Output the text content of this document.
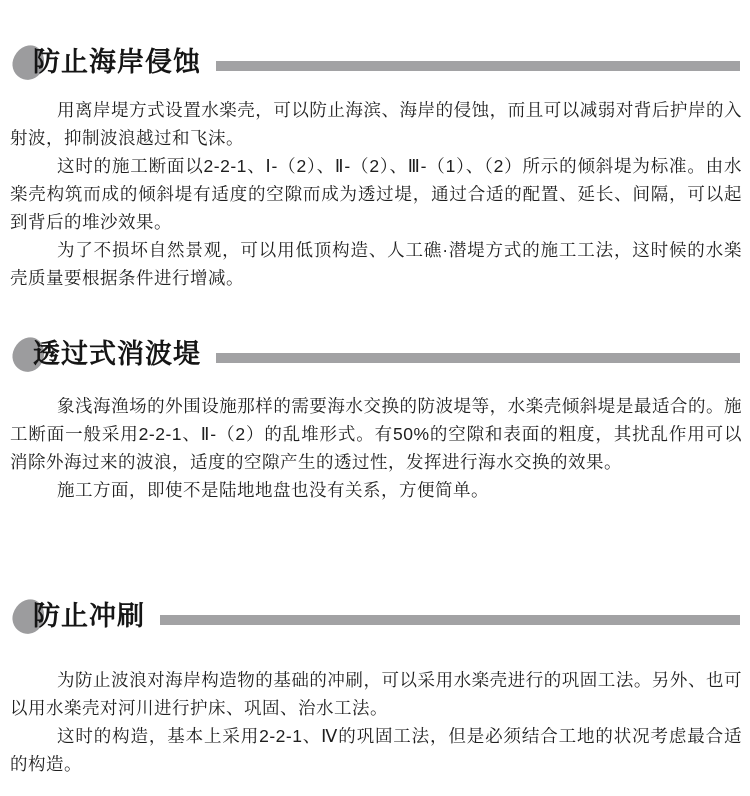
防止海岸侵蚀

用离岸堤方式设置水楽壳，可以防止海滨、海岸的侵蚀，而且可以减弱对背后护岸的入射波，抑制波浪越过和飞沫。

这时的施工断面以2-2-1、Ⅰ-（2）、Ⅱ-（2）、Ⅲ-（1）、（2）所示的倾斜堤为标准。由水楽壳构筑而成的倾斜堤有适度的空隙而成为透过堤，通过合适的配置、延长、间隔，可以起到背后的堆沙效果。

为了不损坏自然景观，可以用低顶构造、人工礁·潜堤方式的施工工法，这时候的水楽壳质量要根据条件进行增减。

透过式消波堤

象浅海渔场的外围设施那样的需要海水交换的防波堤等，水楽壳倾斜堤是最适合的。施工断面一般采用2-2-1、Ⅱ-（2）的乱堆形式。有50%的空隙和表面的粗度，其扰乱作用可以消除外海过来的波浪，适度的空隙产生的透过性，发挥进行海水交换的效果。

施工方面，即使不是陆地地盘也没有关系，方便简单。

防止冲刷

为防止波浪对海岸构造物的基础的冲刷，可以采用水楽壳进行的巩固工法。另外、也可以用水楽壳对河川进行护床、巩固、治水工法。

这时的构造，基本上采用2-2-1、Ⅳ的巩固工法，但是必须结合工地的状况考虑最合适的构造。
